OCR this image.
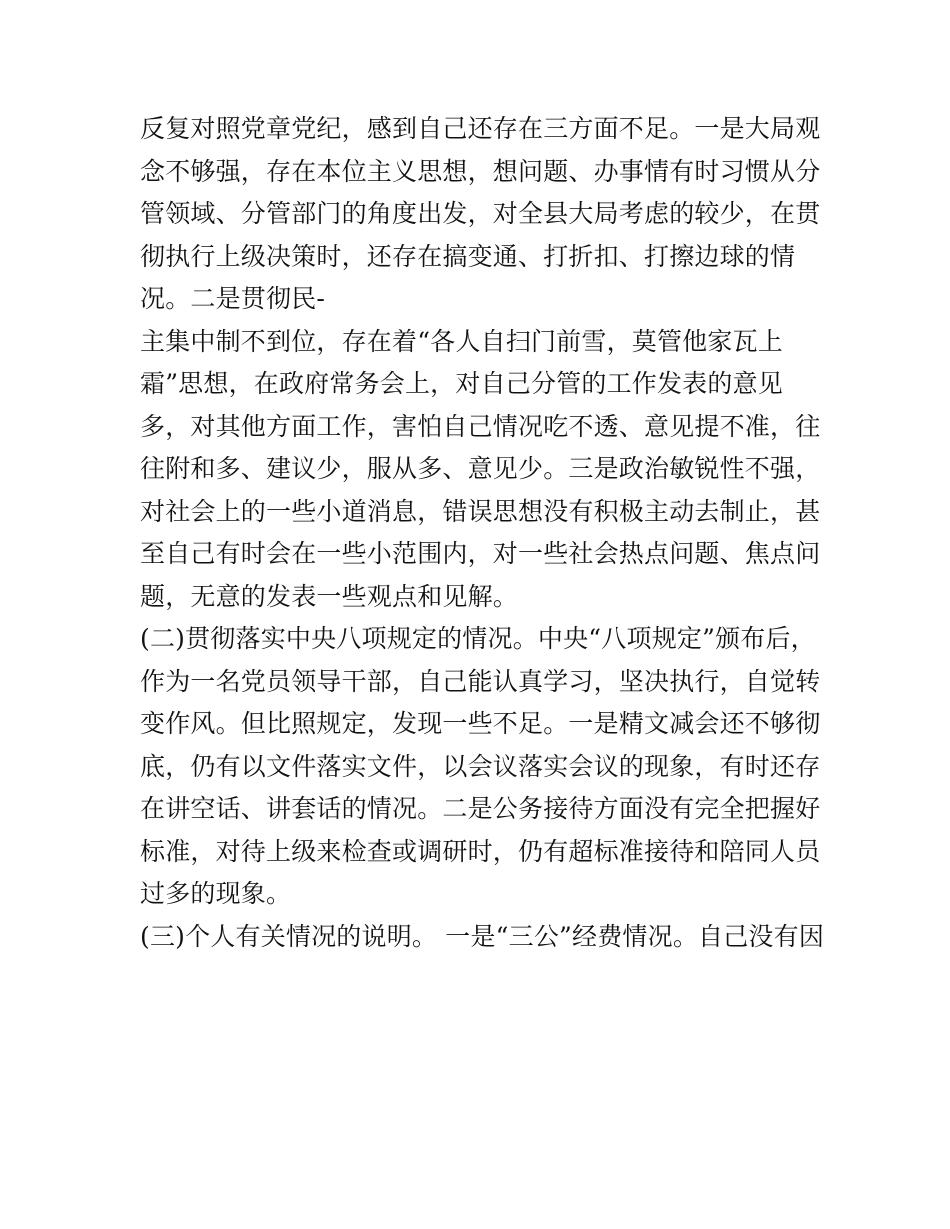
反复对照党章党纪，感到自己还存在三方面不足。一是大局观
念不够强，存在本位主义思想，想问题、办事情有时习惯从分
管领域、分管部门的角度出发，对全县大局考虑的较少，在贯
彻执行上级决策时，还存在搞变通、打折扣、打擦边球的情
况。二是贯彻民-
主集中制不到位，存在着“各人自扫门前雪，莫管他家瓦上
霜”思想，在政府常务会上，对自己分管的工作发表的意见
多，对其他方面工作，害怕自己情况吃不透、意见提不准，往
往附和多、建议少，服从多、意见少。三是政治敏锐性不强，
对社会上的一些小道消息，错误思想没有积极主动去制止，甚
至自己有时会在一些小范围内，对一些社会热点问题、焦点问
题，无意的发表一些观点和见解。
(二)贯彻落实中央八项规定的情况。中央“八项规定”颁布后，
作为一名党员领导干部，自己能认真学习，坚决执行，自觉转
变作风。但比照规定，发现一些不足。一是精文减会还不够彻
底，仍有以文件落实文件，以会议落实会议的现象，有时还存
在讲空话、讲套话的情况。二是公务接待方面没有完全把握好
标准，对待上级来检查或调研时，仍有超标准接待和陪同人员
过多的现象。
(三)个人有关情况的说明。 一是“三公”经费情况。自己没有因
